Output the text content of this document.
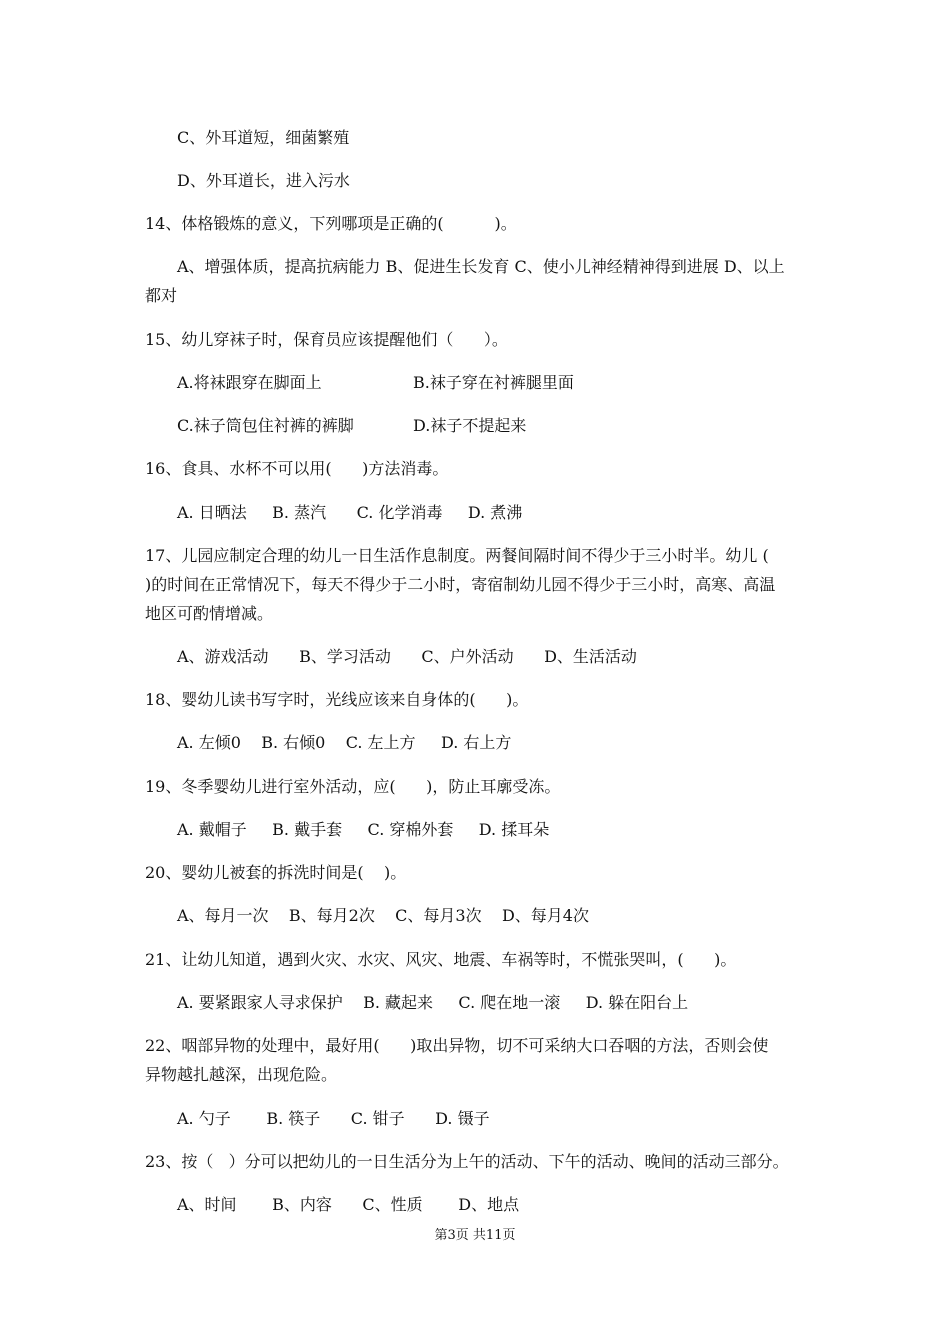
C、外耳道短，细菌繁殖
D、外耳道长，进入污水
14、体格锻炼的意义，下列哪项是正确的(          )。
A、增强体质，提高抗病能力 B、促进生长发育 C、使小儿神经精神得到进展 D、以上
都对
15、幼儿穿袜子时，保育员应该提醒他们（      ）。
A.将袜跟穿在脚面上	B.袜子穿在衬裤腿里面
C.袜子筒包住衬裤的裤脚	D.袜子不提起来
16、食具、水杯不可以用(      )方法消毒。
A. 日晒法     B. 蒸汽      C. 化学消毒     D. 煮沸
17、儿园应制定合理的幼儿一日生活作息制度。两餐间隔时间不得少于三小时半。幼儿 (
)的时间在正常情况下，每天不得少于二小时，寄宿制幼儿园不得少于三小时，高寒、高温
地区可酌情增减。
A、游戏活动      B、学习活动      C、户外活动      D、生活活动
18、婴幼儿读书写字时，光线应该来自身体的(      )。
A. 左倾0    B. 右倾0    C. 左上方     D. 右上方
19、冬季婴幼儿进行室外活动，应(      )，防止耳廓受冻。
A. 戴帽子     B. 戴手套     C. 穿棉外套     D. 揉耳朵
20、婴幼儿被套的拆洗时间是(    )。
A、每月一次    B、每月2次    C、每月3次    D、每月4次
21、让幼儿知道，遇到火灾、水灾、风灾、地震、车祸等时，不慌张哭叫，(      )。
A. 要紧跟家人寻求保护    B. 藏起来     C. 爬在地一滚     D. 躲在阳台上
22、咽部异物的处理中，最好用(      )取出异物，切不可采纳大口吞咽的方法，否则会使
异物越扎越深，出现危险。
A. 勺子       B. 筷子      C. 钳子      D. 镊子
23、按（   ）分可以把幼儿的一日生活分为上午的活动、下午的活动、晚间的活动三部分。
A、时间       B、内容      C、性质       D、地点
第3页 共11页
